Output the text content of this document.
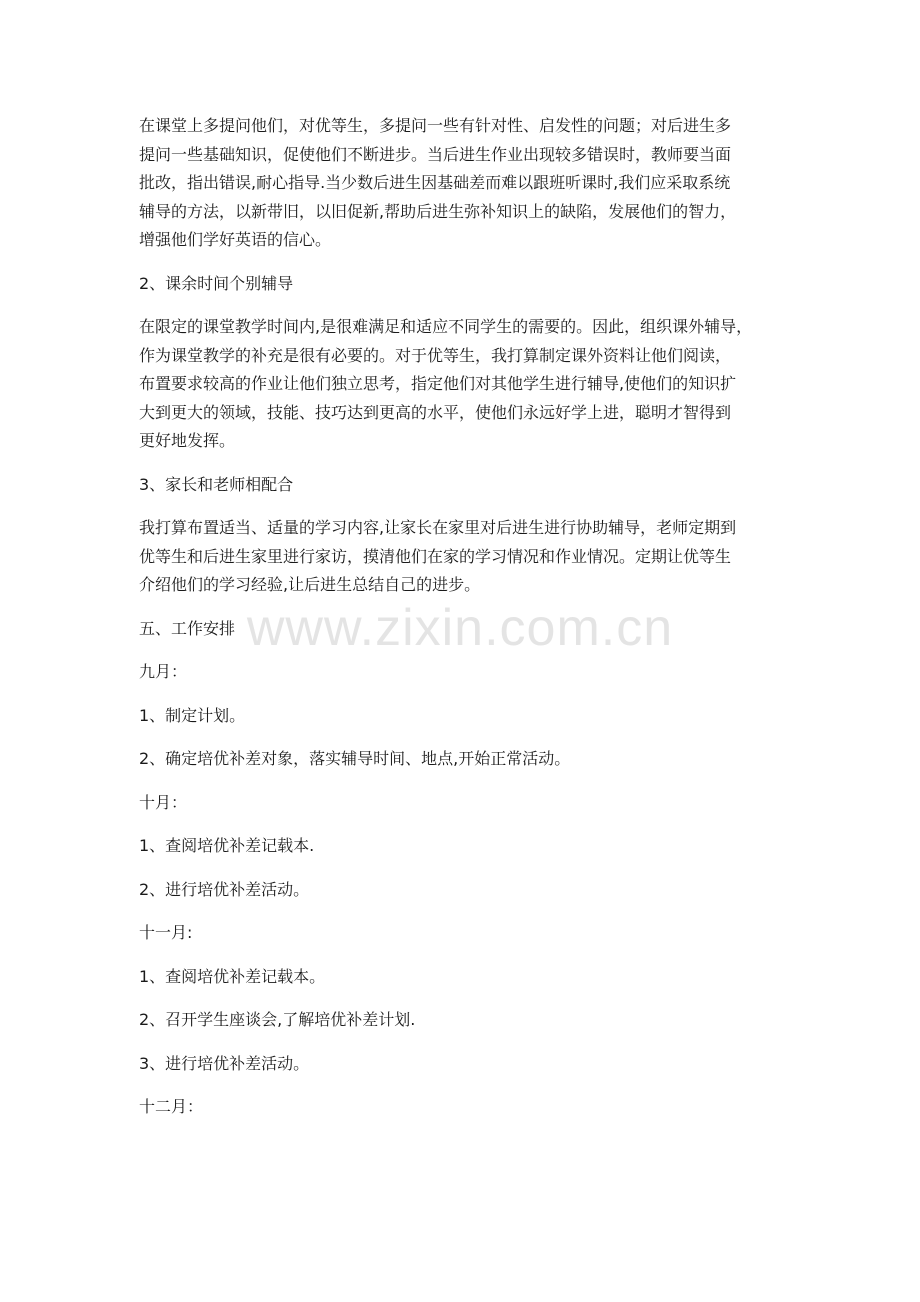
在课堂上多提问他们，对优等生，多提问一些有针对性、启发性的问题；对后进生多
提问一些基础知识，促使他们不断进步。当后进生作业出现较多错误时，教师要当面
批改，指出错误,耐心指导.当少数后进生因基础差而难以跟班听课时,我们应采取系统
辅导的方法，以新带旧，以旧促新,帮助后进生弥补知识上的缺陷，发展他们的智力，
增强他们学好英语的信心。
2、课余时间个别辅导
在限定的课堂教学时间内,是很难满足和适应不同学生的需要的。因此，组织课外辅导，
作为课堂教学的补充是很有必要的。对于优等生，我打算制定课外资料让他们阅读，
布置要求较高的作业让他们独立思考，指定他们对其他学生进行辅导,使他们的知识扩
大到更大的领域，技能、技巧达到更高的水平，使他们永远好学上进，聪明才智得到
更好地发挥。
3、家长和老师相配合
我打算布置适当、适量的学习内容,让家长在家里对后进生进行协助辅导，老师定期到
优等生和后进生家里进行家访，摸清他们在家的学习情况和作业情况。定期让优等生
介绍他们的学习经验,让后进生总结自己的进步。
五、工作安排
九月：
1、制定计划。
2、确定培优补差对象，落实辅导时间、地点,开始正常活动。
十月：
1、查阅培优补差记载本.
2、进行培优补差活动。
十一月:
1、查阅培优补差记载本。
2、召开学生座谈会,了解培优补差计划.
3、进行培优补差活动。
十二月：
www.zixin.com.cn
